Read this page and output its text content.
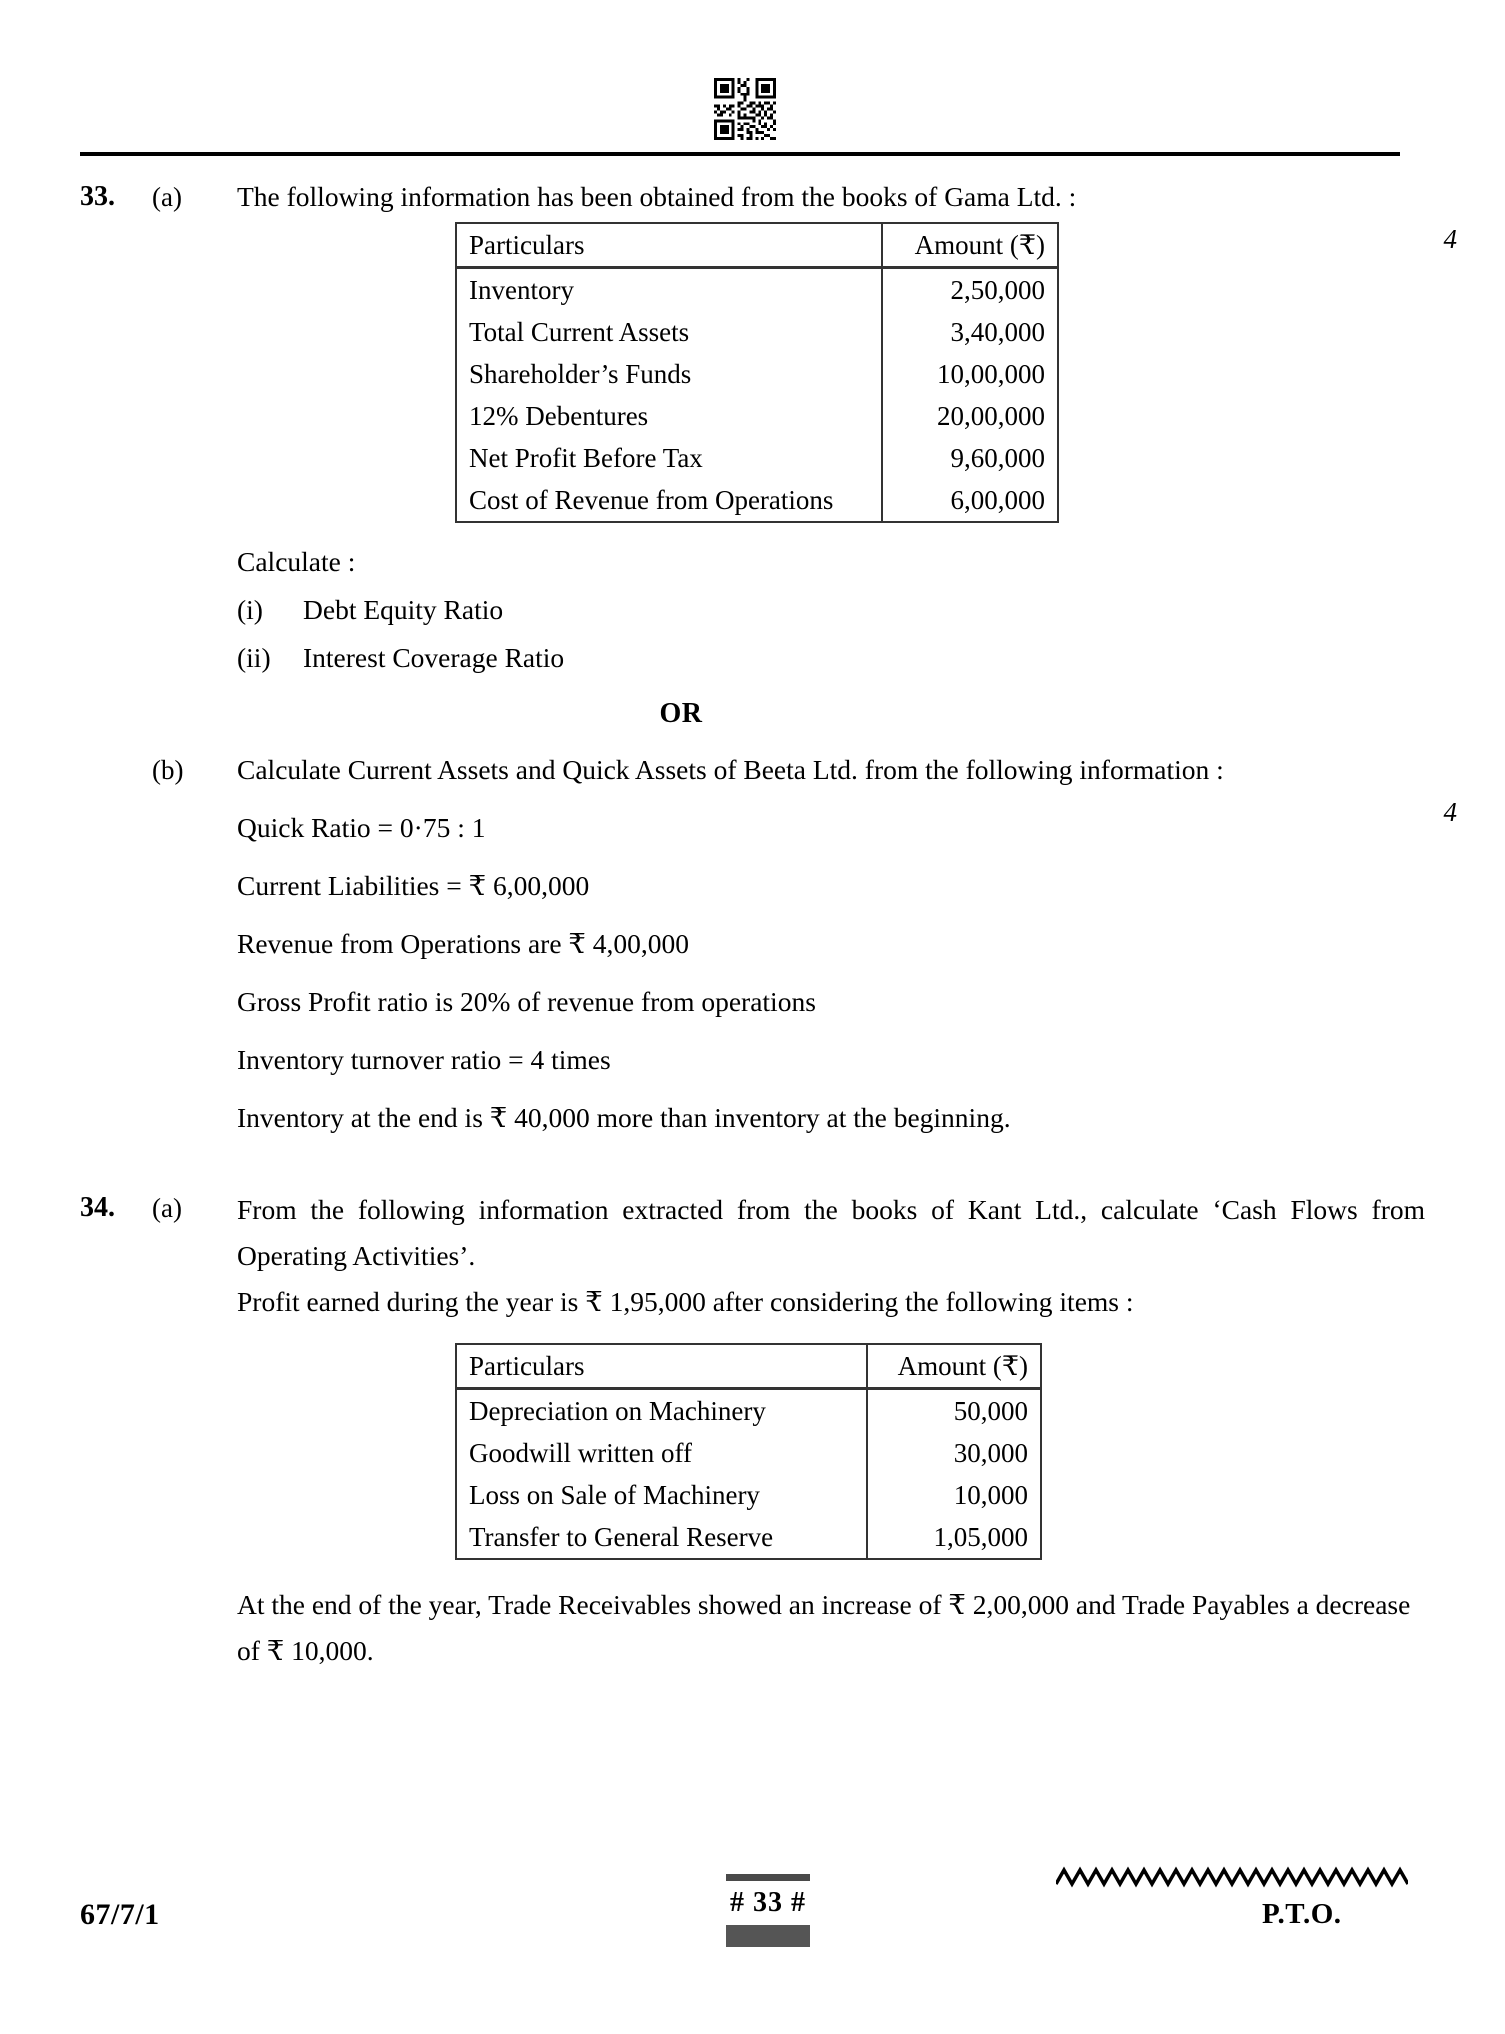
33.	(a)	The following information has been obtained from the books of Gama Ltd. :
4
Particulars	Amount (₹)
Inventory	2,50,000
Total Current Assets	3,40,000
Shareholder’s Funds	10,00,000
12% Debentures	20,00,000
Net Profit Before Tax	9,60,000
Cost of Revenue from Operations	6,00,000
Calculate :
(i)	Debt Equity Ratio
(ii)	Interest Coverage Ratio
OR
(b)	Calculate Current Assets and Quick Assets of Beeta Ltd. from the following information :
4
Quick Ratio = 0·75 : 1
Current Liabilities = ₹ 6,00,000
Revenue from Operations are ₹ 4,00,000
Gross Profit ratio is 20% of revenue from operations
Inventory turnover ratio = 4 times
Inventory at the end is ₹ 40,000 more than inventory at the beginning.
34.	(a)	From the following information extracted from the books of Kant Ltd., calculate ‘Cash Flows from Operating Activities’.
Profit earned during the year is ₹ 1,95,000 after considering the following items :
Particulars	Amount (₹)
Depreciation on Machinery	50,000
Goodwill written off	30,000
Loss on Sale of Machinery	10,000
Transfer to General Reserve	1,05,000
At the end of the year, Trade Receivables showed an increase of ₹ 2,00,000 and Trade Payables a decrease of ₹ 10,000.
67/7/1	# 33 #	P.T.O.
